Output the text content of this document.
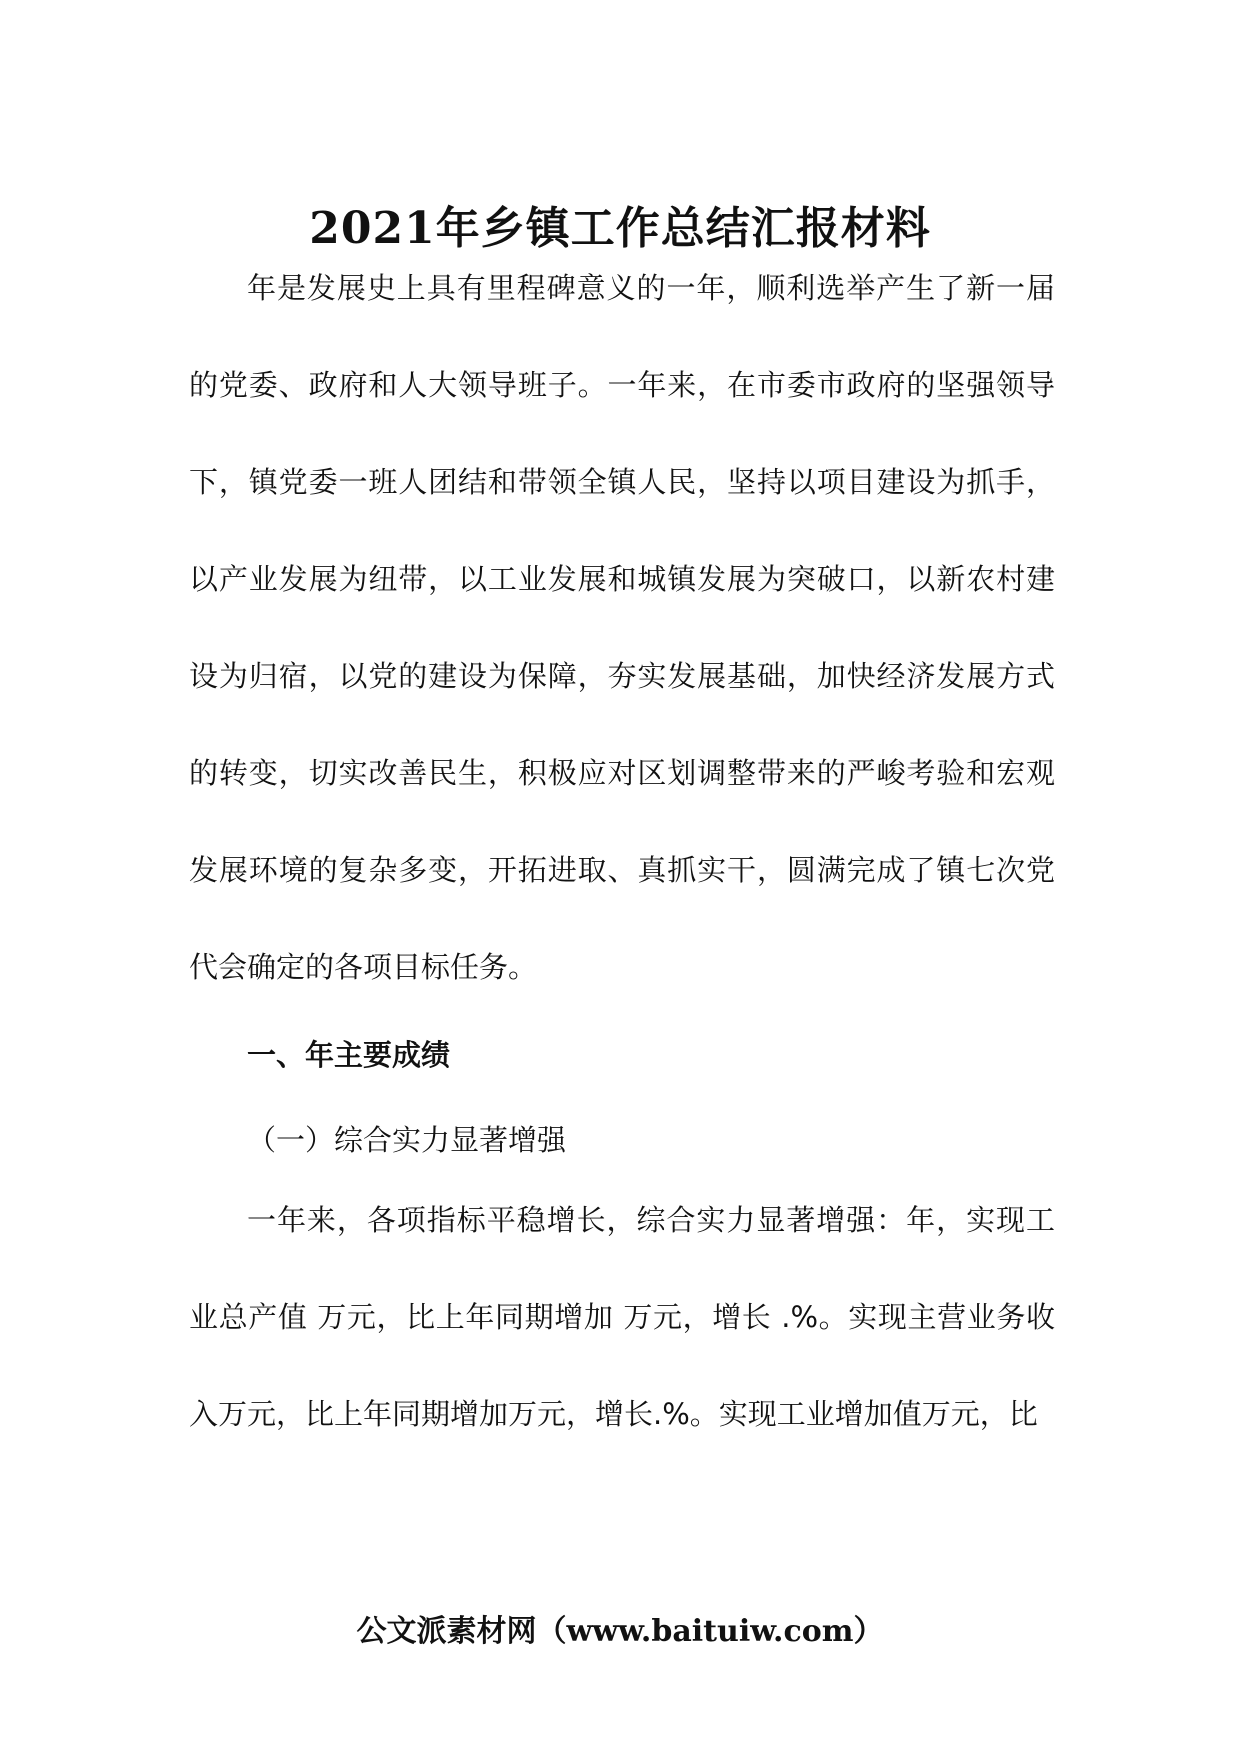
2021年乡镇工作总结汇报材料

年是发展史上具有里程碑意义的一年，顺利选举产生了新一届的党委、政府和人大领导班子。一年来，在市委市政府的坚强领导下，镇党委一班人团结和带领全镇人民，坚持以项目建设为抓手，以产业发展为纽带，以工业发展和城镇发展为突破口，以新农村建设为归宿，以党的建设为保障，夯实发展基础，加快经济发展方式的转变，切实改善民生，积极应对区划调整带来的严峻考验和宏观发展环境的复杂多变，开拓进取、真抓实干，圆满完成了镇七次党代会确定的各项目标任务。

一、年主要成绩
（一）综合实力显著增强

一年来，各项指标平稳增长，综合实力显著增强：年，实现工业总产值 万元，比上年同期增加 万元，增长 .%。实现主营业务收入万元，比上年同期增加万元，增长.%。实现工业增加值万元，比

公文派素材网（www.baituiw.com）
